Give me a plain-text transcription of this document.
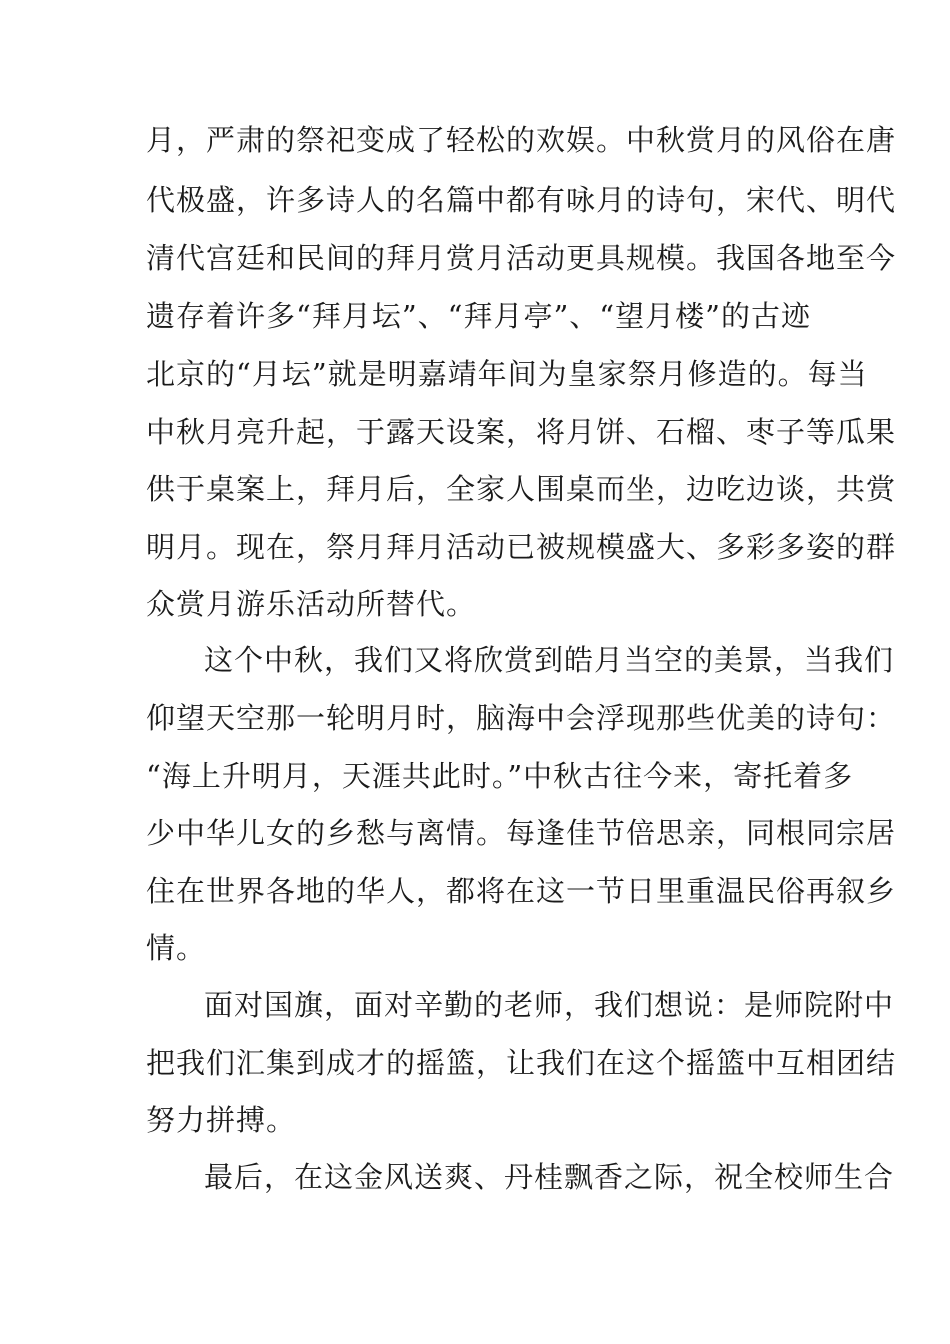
月，严肃的祭祀变成了轻松的欢娱。中秋赏月的风俗在唐
代极盛，许多诗人的名篇中都有咏月的诗句，宋代、明代
清代宫廷和民间的拜月赏月活动更具规模。我国各地至今
遗存着许多“拜月坛”、“拜月亭”、“望月楼”的古迹
北京的“月坛”就是明嘉靖年间为皇家祭月修造的。每当
中秋月亮升起，于露天设案，将月饼、石榴、枣子等瓜果
供于桌案上，拜月后，全家人围桌而坐，边吃边谈，共赏
明月。现在，祭月拜月活动已被规模盛大、多彩多姿的群
众赏月游乐活动所替代。
这个中秋，我们又将欣赏到皓月当空的美景，当我们
仰望天空那一轮明月时，脑海中会浮现那些优美的诗句：
“海上升明月，天涯共此时。”中秋古往今来，寄托着多
少中华儿女的乡愁与离情。每逢佳节倍思亲，同根同宗居
住在世界各地的华人，都将在这一节日里重温民俗再叙乡
情。
面对国旗，面对辛勤的老师，我们想说：是师院附中
把我们汇集到成才的摇篮，让我们在这个摇篮中互相团结
努力拼搏。
最后，在这金风送爽、丹桂飘香之际，祝全校师生合
